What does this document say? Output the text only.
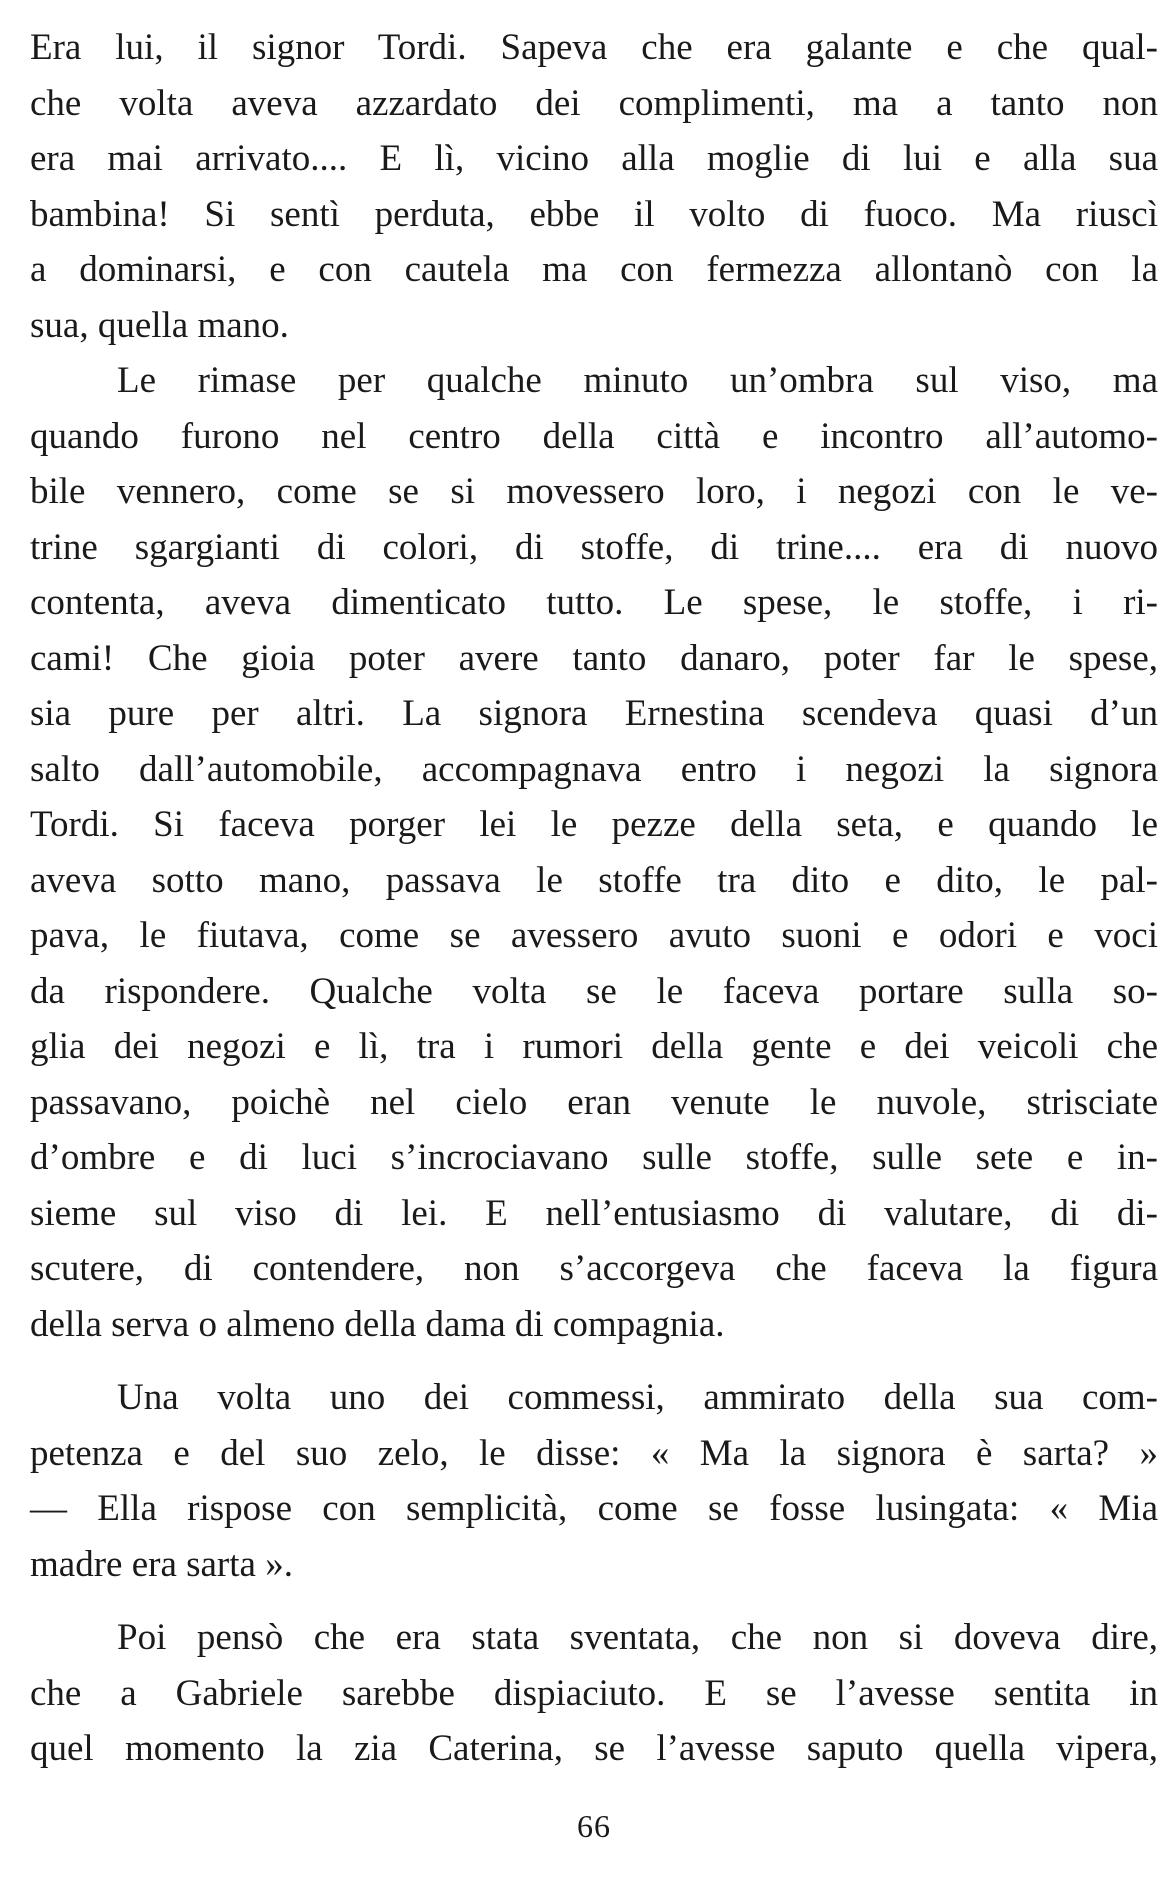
Era lui, il signor Tordi. Sapeva che era galante e che qual-
che volta aveva azzardato dei complimenti, ma a tanto non
era mai arrivato.... E lì, vicino alla moglie di lui e alla sua
bambina! Si sentì perduta, ebbe il volto di fuoco. Ma riuscì
a dominarsi, e con cautela ma con fermezza allontanò con la
sua, quella mano.

Le rimase per qualche minuto un’ombra sul viso, ma
quando furono nel centro della città e incontro all’automo-
bile vennero, come se si movessero loro, i negozi con le ve-
trine sgargianti di colori, di stoffe, di trine.... era di nuovo
contenta, aveva dimenticato tutto. Le spese, le stoffe, i ri-
cami! Che gioia poter avere tanto danaro, poter far le spese,
sia pure per altri. La signora Ernestina scendeva quasi d’un
salto dall’automobile, accompagnava entro i negozi la signora
Tordi. Si faceva porger lei le pezze della seta, e quando le
aveva sotto mano, passava le stoffe tra dito e dito, le pal-
pava, le fiutava, come se avessero avuto suoni e odori e voci
da rispondere. Qualche volta se le faceva portare sulla so-
glia dei negozi e lì, tra i rumori della gente e dei veicoli che
passavano, poichè nel cielo eran venute le nuvole, strisciate
d’ombre e di luci s’incrociavano sulle stoffe, sulle sete e in-
sieme sul viso di lei. E nell’entusiasmo di valutare, di di-
scutere, di contendere, non s’accorgeva che faceva la figura
della serva o almeno della dama di compagnia.

Una volta uno dei commessi, ammirato della sua com-
petenza e del suo zelo, le disse: « Ma la signora è sarta? »
— Ella rispose con semplicità, come se fosse lusingata: « Mia
madre era sarta ».

Poi pensò che era stata sventata, che non si doveva dire,
che a Gabriele sarebbe dispiaciuto. E se l’avesse sentita in
quel momento la zia Caterina, se l’avesse saputo quella vipera,

66
